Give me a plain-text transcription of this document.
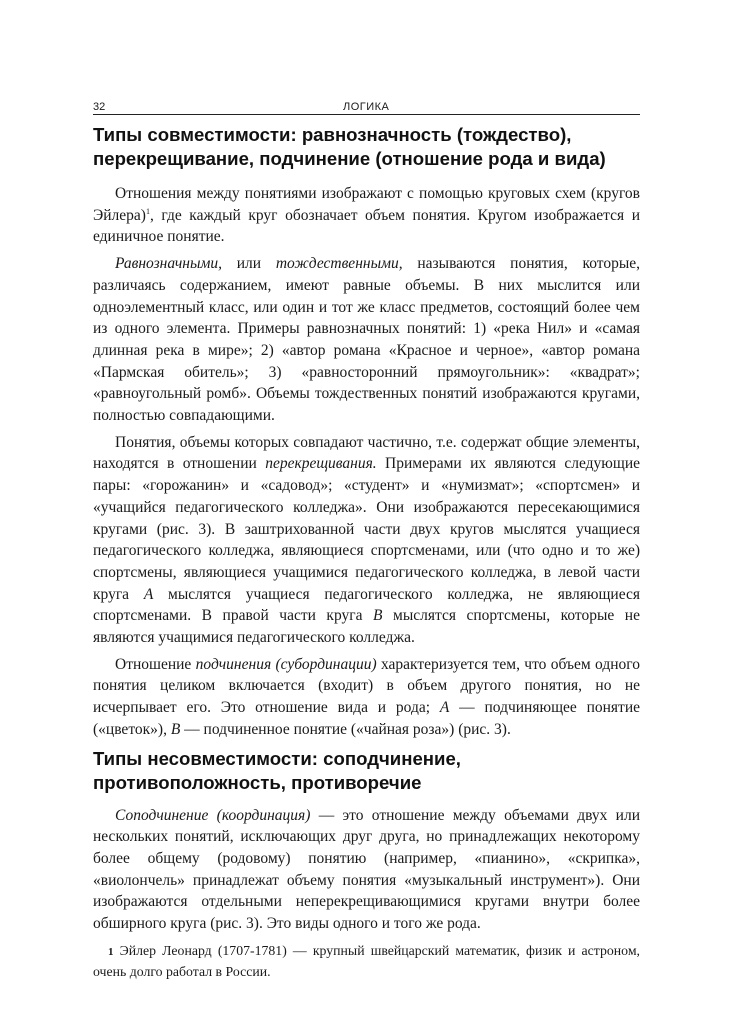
32	ЛОГИКА
Типы совместимости: равнозначность (тождество), перекрещивание, подчинение (отношение рода и вида)

Отношения между понятиями изображают с помощью круговых схем (кругов Эйлера)$^1$, где каждый круг обозначает объем понятия. Кругом изображается и единичное понятие.

Равнозначными, или тождественными, называются понятия, которые, различаясь содержанием, имеют равные объемы. В них мыслится или одноэлементный класс, или один и тот же класс предметов, состоящий более чем из одного элемента. Примеры равнозначных понятий: 1) «река Нил» и «самая длинная река в мире»; 2) «автор романа «Красное и черное», «автор романа «Пармская обитель»; 3) «равносторонний прямоугольник»: «квадрат»; «равноугольный ромб». Объемы тождественных понятий изображаются кругами, полностью совпадающими.

Понятия, объемы которых совпадают частично, т.е. содержат общие элементы, находятся в отношении перекрещивания. Примерами их являются следующие пары: «горожанин» и «садовод»; «студент» и «нумизмат»; «спортсмен» и «учащийся педагогического колледжа». Они изображаются пересекающимися кругами (рис. 3). В заштрихованной части двух кругов мыслятся учащиеся педагогического колледжа, являющиеся спортсменами, или (что одно и то же) спортсмены, являющиеся учащимися педагогического колледжа, в левой части круга А мыслятся учащиеся педагогического колледжа, не являющиеся спортсменами. В правой части круга В мыслятся спортсмены, которые не являются учащимися педагогического колледжа.

Отношение подчинения (субординации) характеризуется тем, что объем одного понятия целиком включается (входит) в объем другого понятия, но не исчерпывает его. Это отношение вида и рода; А — подчиняющее понятие («цветок»), В — подчиненное понятие («чайная роза») (рис. 3).

Типы несовместимости: соподчинение, противоположность, противоречие

Соподчинение (координация) — это отношение между объемами двух или нескольких понятий, исключающих друг друга, но принадлежащих некоторому более общему (родовому) понятию (например, «пианино», «скрипка», «виолончель» принадлежат объему понятия «музыкальный инструмент»). Они изображаются отдельными неперекрещивающимися кругами внутри более обширного круга (рис. 3). Это виды одного и того же рода.

1 Эйлер Леонард (1707-1781) — крупный швейцарский математик, физик и астроном, очень долго работал в России.
